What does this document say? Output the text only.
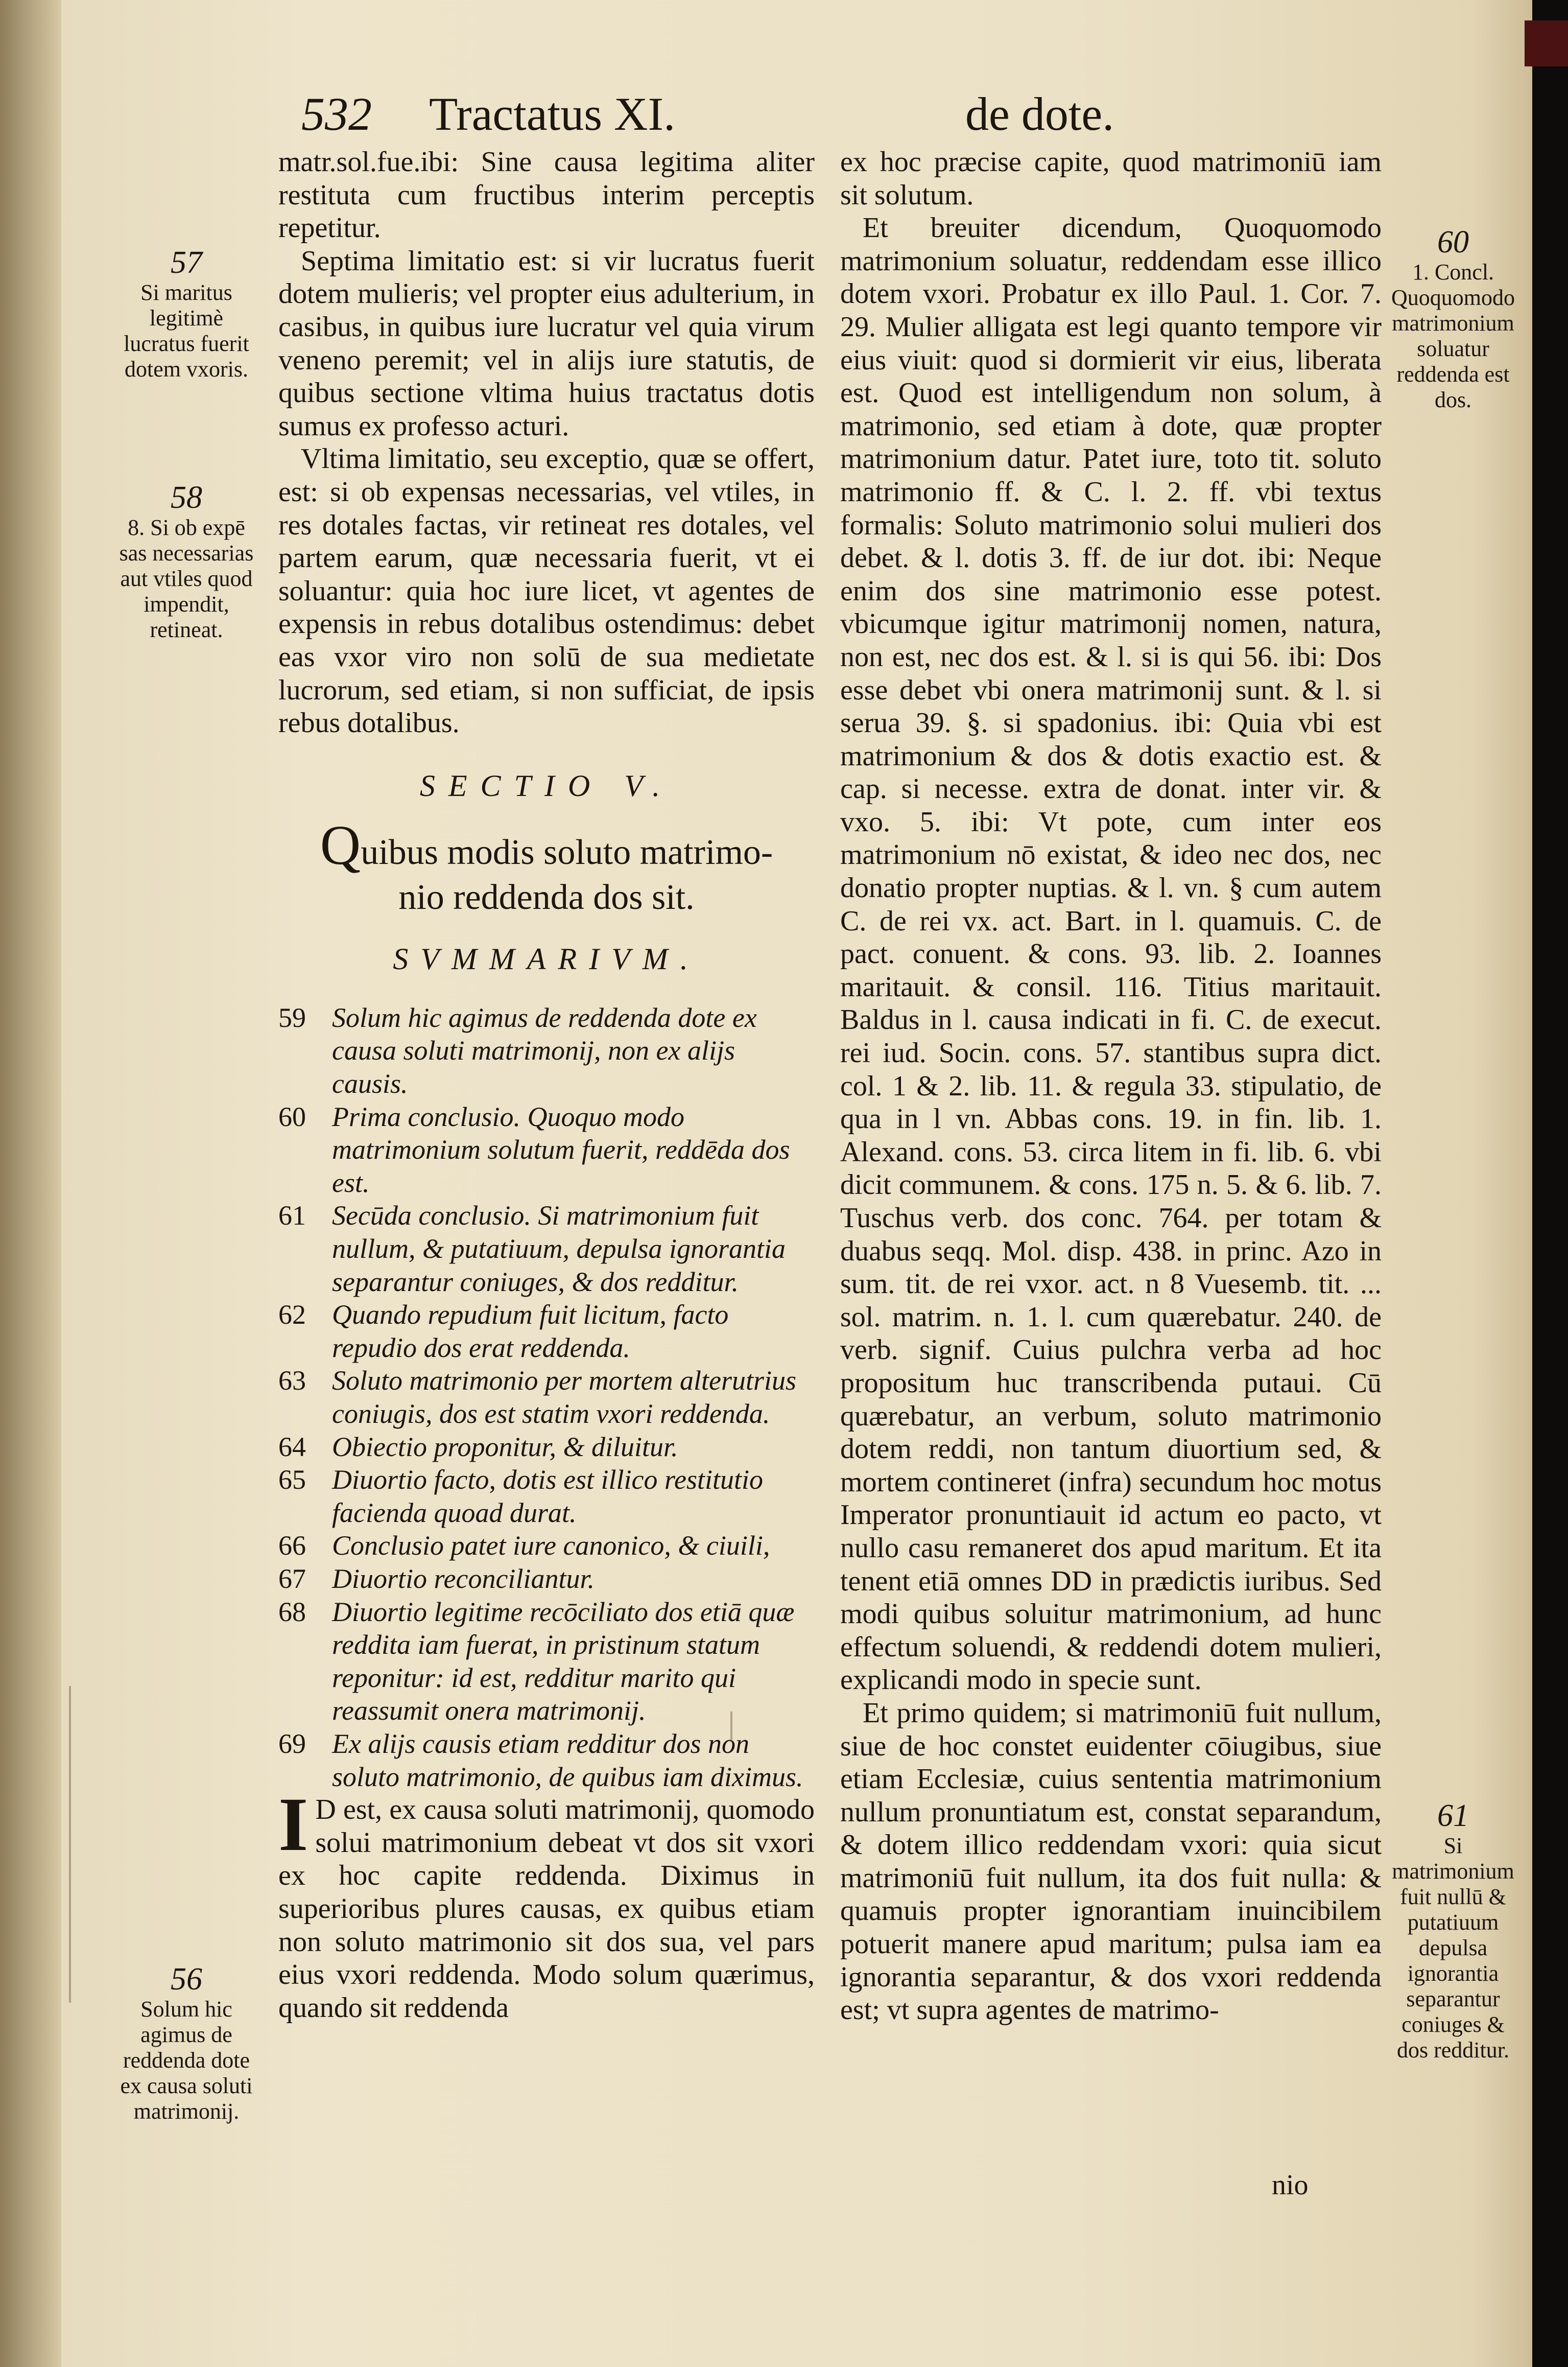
532 Tractatus XI.	de dote.

matr.sol.fue.ibi: Sine causa legitima aliter restituta cum fructibus interim perceptis repetitur.

Septima limitatio est: si vir lucratus fuerit dotem mulieris; vel propter eius adulterium, in casibus, in quibus iure lucratur vel quia virum veneno peremit; vel in alijs iure statutis, de quibus sectione vltima huius tractatus dotis sumus ex professo acturi.

Vltima limitatio, seu exceptio, quæ se offert, est: si ob expensas necessarias, vel vtiles, in res dotales factas, vir retineat res dotales, vel partem earum, quæ necessaria fuerit, vt ei soluantur: quia hoc iure licet, vt agentes de expensis in rebus dotalibus ostendimus: debet eas vxor viro non solū de sua medietate lucrorum, sed etiam, si non sufficiat, de ipsis rebus dotalibus.

SECTIO V.
Quibus modis soluto matrimo-
nio reddenda dos sit.
SVMMARIVM.
59 Solum hic agimus de reddenda dote ex causa soluti matrimonij, non ex alijs causis.
60 Prima conclusio. Quoquo modo matrimonium solutum fuerit, reddēda dos est.
61 Secūda conclusio. Si matrimonium fuit nullum, & putatiuum, depulsa ignorantia separantur coniuges, & dos redditur.
62 Quando repudium fuit licitum, facto repudio dos erat reddenda.
63 Soluto matrimonio per mortem alterutrius coniugis, dos est statim vxori reddenda.
64 Obiectio proponitur, & diluitur.
65 Diuortio facto, dotis est illico restitutio facienda quoad durat.
66 Conclusio patet iure canonico, & ciuili,
67 Diuortio reconciliantur.
68 Diuortio legitime recōciliato dos etiā quæ reddita iam fuerat, in pristinum statum reponitur: id est, redditur marito qui reassumit onera matrimonij.
69 Ex alijs causis etiam redditur dos non soluto matrimonio, de quibus iam diximus.

I D est, ex causa soluti matrimonij, quomodo solui matrimonium debeat vt dos sit vxori ex hoc capite reddenda. Diximus in superioribus plures causas, ex quibus etiam non soluto matrimonio sit dos sua, vel pars eius vxori reddenda. Modo solum quærimus, quando sit reddenda

ex hoc præcise capite, quod matrimoniū iam sit solutum.

Et breuiter dicendum, Quoquomodo matrimonium soluatur, reddendam esse illico dotem vxori. Probatur ex illo Paul. 1. Cor. 7. 29. Mulier alligata est legi quanto tempore vir eius viuit: quod si dormierit vir eius, liberata est. Quod est intelligendum non solum, à matrimonio, sed etiam à dote, quæ propter matrimonium datur. Patet iure, toto tit. soluto matrimonio ff. & C. l. 2. ff. vbi textus formalis: Soluto matrimonio solui mulieri dos debet. & l. dotis 3. ff. de iur dot. ibi: Neque enim dos sine matrimonio esse potest. vbicumque igitur matrimonij nomen, natura, non est, nec dos est. & l. si is qui 56. ibi: Dos esse debet vbi onera matrimonij sunt. & l. si serua 39. §. si spadonius. ibi: Quia vbi est matrimonium & dos & dotis exactio est. & cap. si necesse. extra de donat. inter vir. & vxo. 5. ibi: Vt pote, cum inter eos matrimonium nō existat, & ideo nec dos, nec donatio propter nuptias. & l. vn. § cum autem C. de rei vx. act. Bart. in l. quamuis. C. de pact. conuent. & cons. 93. lib. 2. Ioannes maritauit. & consil. 116. Titius maritauit. Baldus in l. causa indicati in fi. C. de execut. rei iud. Socin. cons. 57. stantibus supra dict. col. 1 & 2. lib. 11. & regula 33. stipulatio, de qua in l vn. Abbas cons. 19. in fin. lib. 1. Alexand. cons. 53. circa litem in fi. lib. 6. vbi dicit communem. & cons. 175 n. 5. & 6. lib. 7. Tuschus verb. dos conc. 764. per totam & duabus seqq. Mol. disp. 438. in princ. Azo in sum. tit. de rei vxor. act. n 8 Vuesemb. tit. ... sol. matrim. n. 1. l. cum quærebatur. 240. de verb. signif. Cuius pulchra verba ad hoc propositum huc transcribenda putaui. Cū quærebatur, an verbum, soluto matrimonio dotem reddi, non tantum diuortium sed, & mortem contineret (infra) secundum hoc motus Imperator pronuntiauit id actum eo pacto, vt nullo casu remaneret dos apud maritum. Et ita tenent etiā omnes DD in prædictis iuribus. Sed modi quibus soluitur matrimonium, ad hunc effectum soluendi, & reddendi dotem mulieri, explicandi modo in specie sunt.

Et primo quidem; si matrimoniū fuit nullum, siue de hoc constet euidenter cōiugibus, siue etiam Ecclesiæ, cuius sententia matrimonium nullum pronuntiatum est, constat separandum, & dotem illico reddendam vxori: quia sicut matrimoniū fuit nullum, ita dos fuit nulla: & quamuis propter ignorantiam inuincibilem potuerit manere apud maritum; pulsa iam ea ignorantia separantur, & dos vxori reddenda est; vt supra agentes de matrimo-

nio
57
Si maritus legitimè lucratus fuerit dotem vxoris.
58
8. Si ob expē sas necessarias aut vtiles quod impendit, retineat.
60
1. Concl. Quoquomodo matrimonium soluatur reddenda est dos.
61
Si matrimonium fuit nullū & putatiuum depulsa ignorantia separantur coniuges & dos redditur.
56
Solum hic agimus de reddenda dote ex causa soluti matrimonij.
